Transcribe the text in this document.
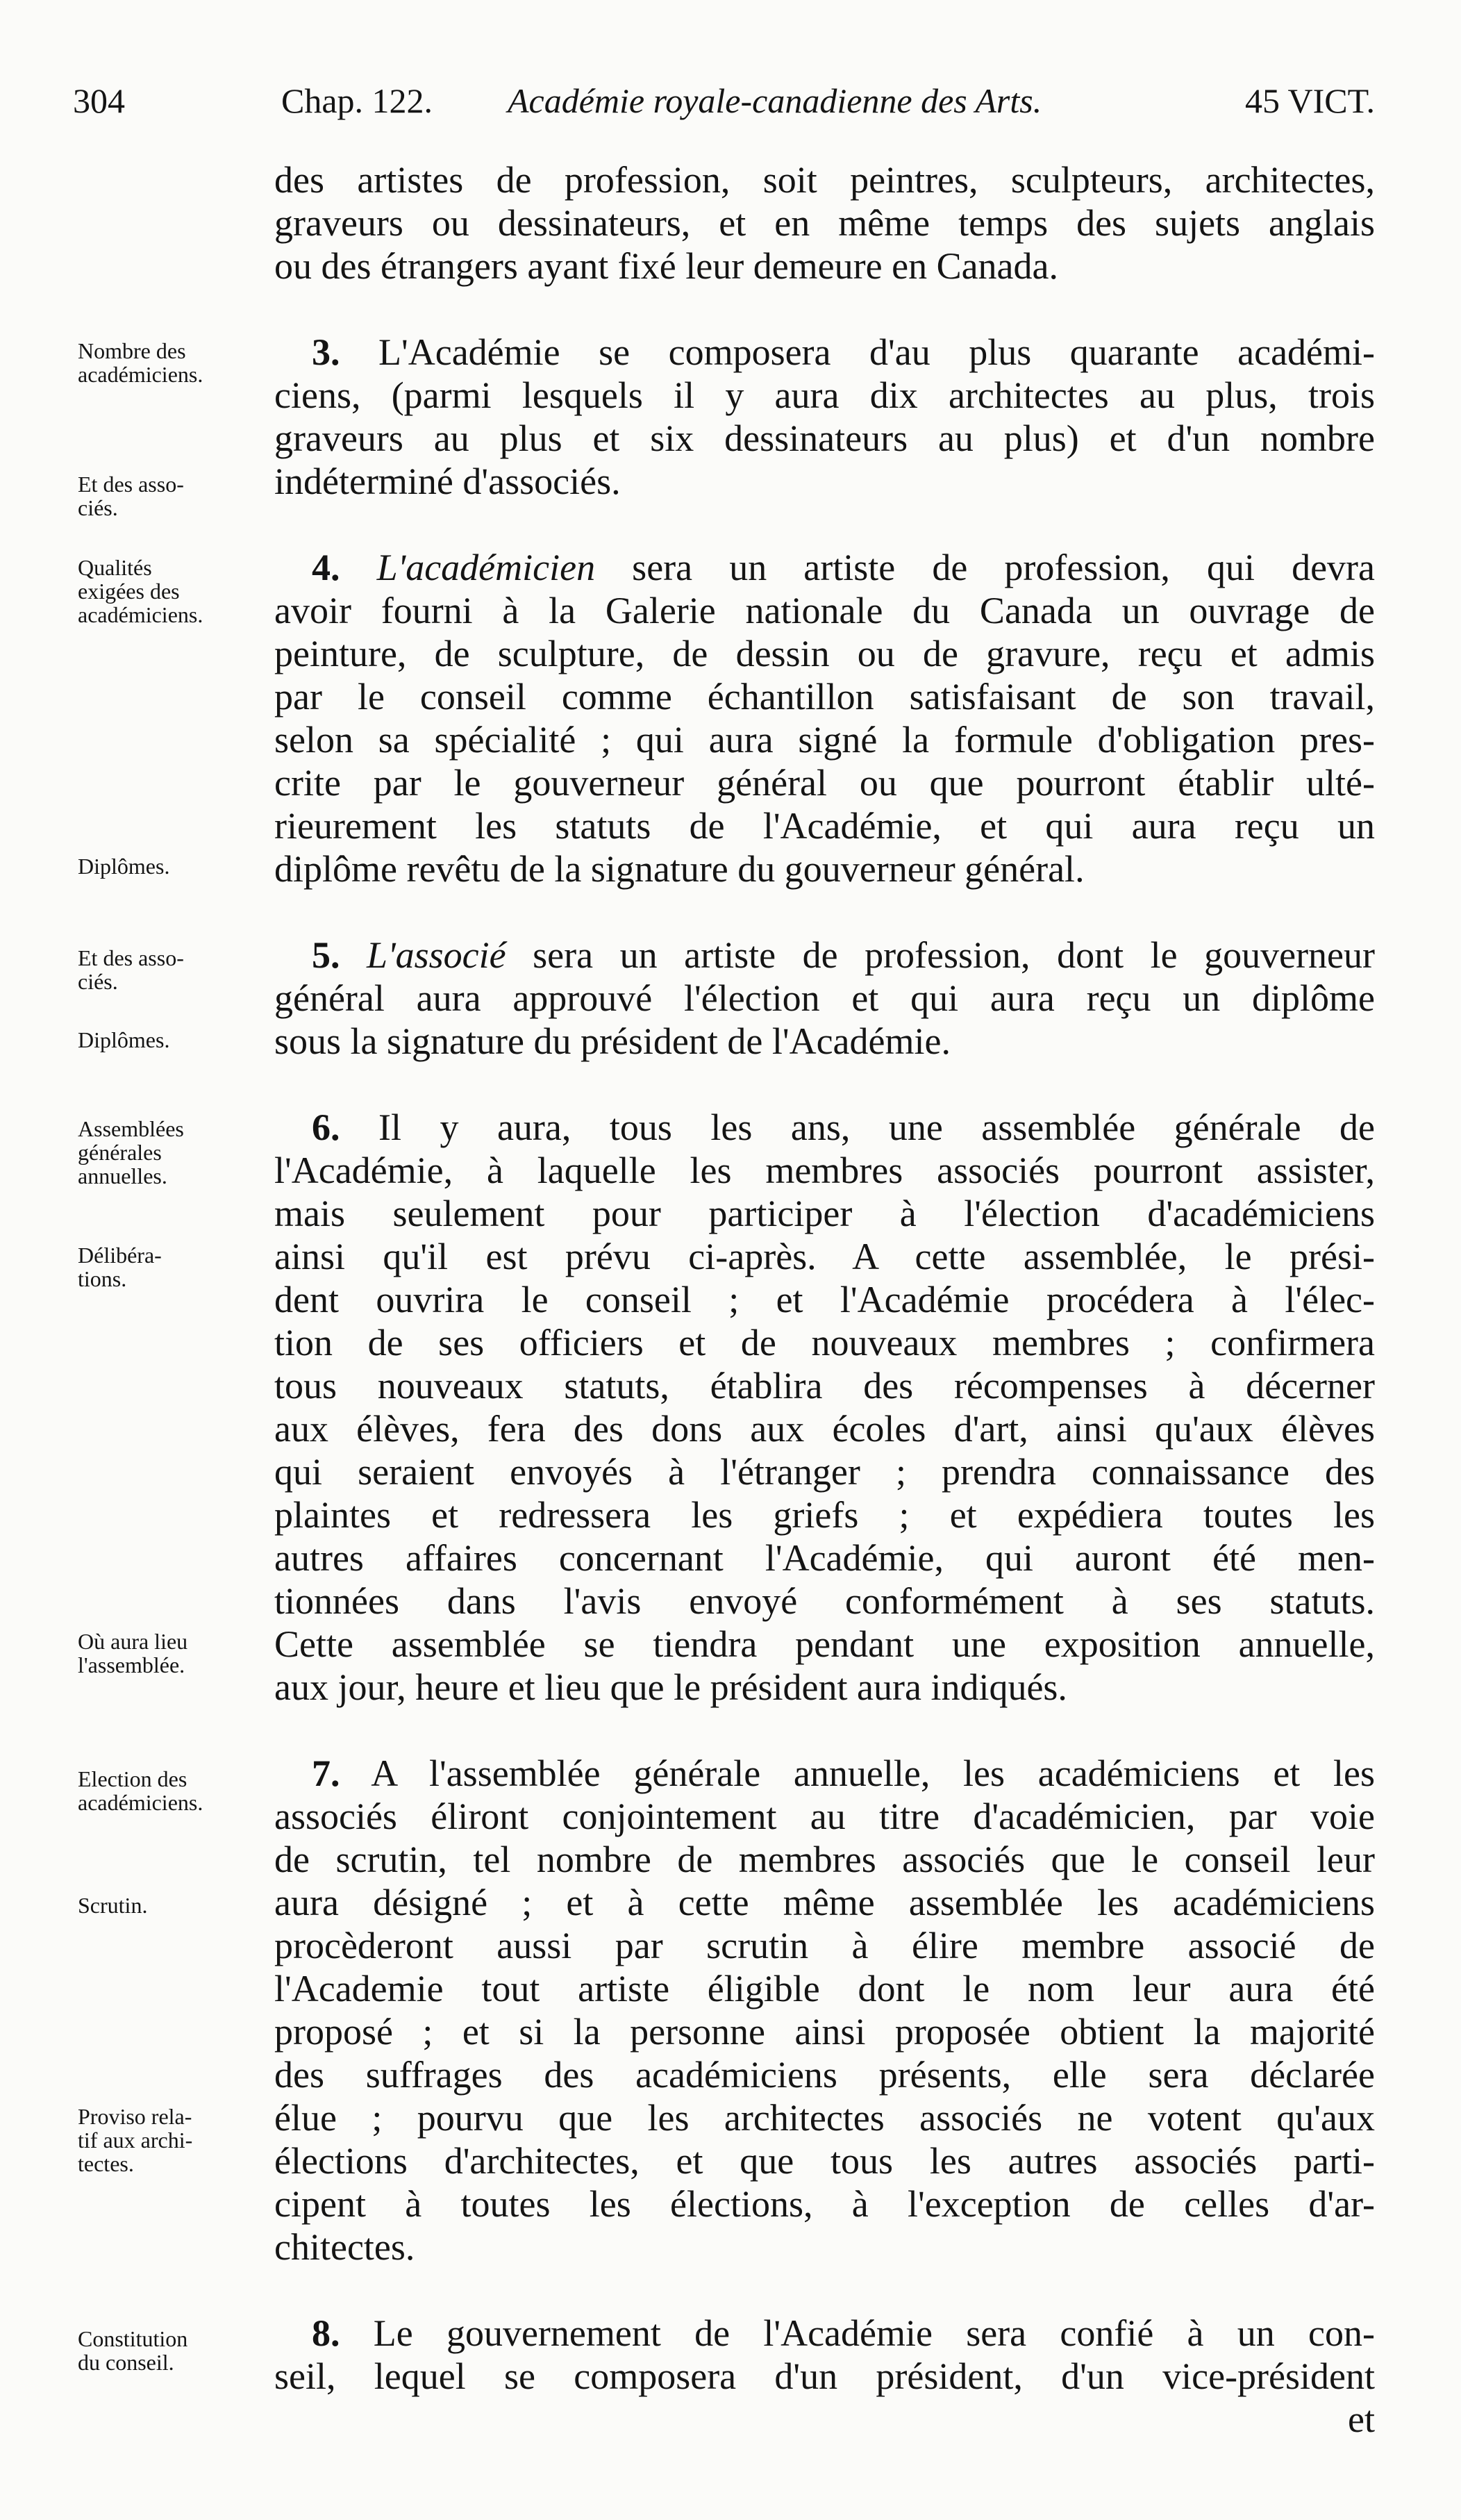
304	Chap. 122. Académie royale-canadienne des Arts.	45 VICT.
Nombre des
académiciens.
Et des asso-
ciés.
Qualités
exigées des
académiciens.
Diplômes.
Et des asso-
ciés.
Diplômes.
Assemblées
générales
annuelles.
Délibéra-
tions.
Où aura lieu
l'assemblée.
Election des
académiciens.
Scrutin.
Proviso rela-
tif aux archi-
tectes.
Constitution
du conseil.
des artistes de profession, soit peintres, sculpteurs, architectes,
graveurs ou dessinateurs, et en même temps des sujets anglais
ou des étrangers ayant fixé leur demeure en Canada.
 3. L'Académie se composera d'au plus quarante académi-
ciens, (parmi lesquels il y aura dix architectes au plus, trois
graveurs au plus et six dessinateurs au plus) et d'un nombre
indéterminé d'associés.
 4. L'académicien sera un artiste de profession, qui devra
avoir fourni à la Galerie nationale du Canada un ouvrage de
peinture, de sculpture, de dessin ou de gravure, reçu et admis
par le conseil comme échantillon satisfaisant de son travail,
selon sa spécialité ; qui aura signé la formule d'obligation pres-
crite par le gouverneur général ou que pourront établir ulté-
rieurement les statuts de l'Académie, et qui aura reçu un
diplôme revêtu de la signature du gouverneur général.
 5. L'associé sera un artiste de profession, dont le gouverneur
général aura approuvé l'élection et qui aura reçu un diplôme
sous la signature du président de l'Académie.
 6. Il y aura, tous les ans, une assemblée générale de
l'Académie, à laquelle les membres associés pourront assister,
mais seulement pour participer à l'élection d'académiciens
ainsi qu'il est prévu ci-après. A cette assemblée, le prési-
dent ouvrira le conseil ; et l'Académie procédera à l'élec-
tion de ses officiers et de nouveaux membres ; confirmera
tous nouveaux statuts, établira des récompenses à décerner
aux élèves, fera des dons aux écoles d'art, ainsi qu'aux élèves
qui seraient envoyés à l'étranger ; prendra connaissance des
plaintes et redressera les griefs ; et expédiera toutes les
autres affaires concernant l'Académie, qui auront été men-
tionnées dans l'avis envoyé conformément à ses statuts.
Cette assemblée se tiendra pendant une exposition annuelle,
aux jour, heure et lieu que le président aura indiqués.
 7. A l'assemblée générale annuelle, les académiciens et les
associés éliront conjointement au titre d'académicien, par voie
de scrutin, tel nombre de membres associés que le conseil leur
aura désigné ; et à cette même assemblée les académiciens
procèderont aussi par scrutin à élire membre associé de
l'Academie tout artiste éligible dont le nom leur aura été
proposé ; et si la personne ainsi proposée obtient la majorité
des suffrages des académiciens présents, elle sera déclarée
élue ; pourvu que les architectes associés ne votent qu'aux
élections d'architectes, et que tous les autres associés parti-
cipent à toutes les élections, à l'exception de celles d'ar-
chitectes.
 8. Le gouvernement de l'Académie sera confié à un con-
seil, lequel se composera d'un président, d'un vice-président
et
